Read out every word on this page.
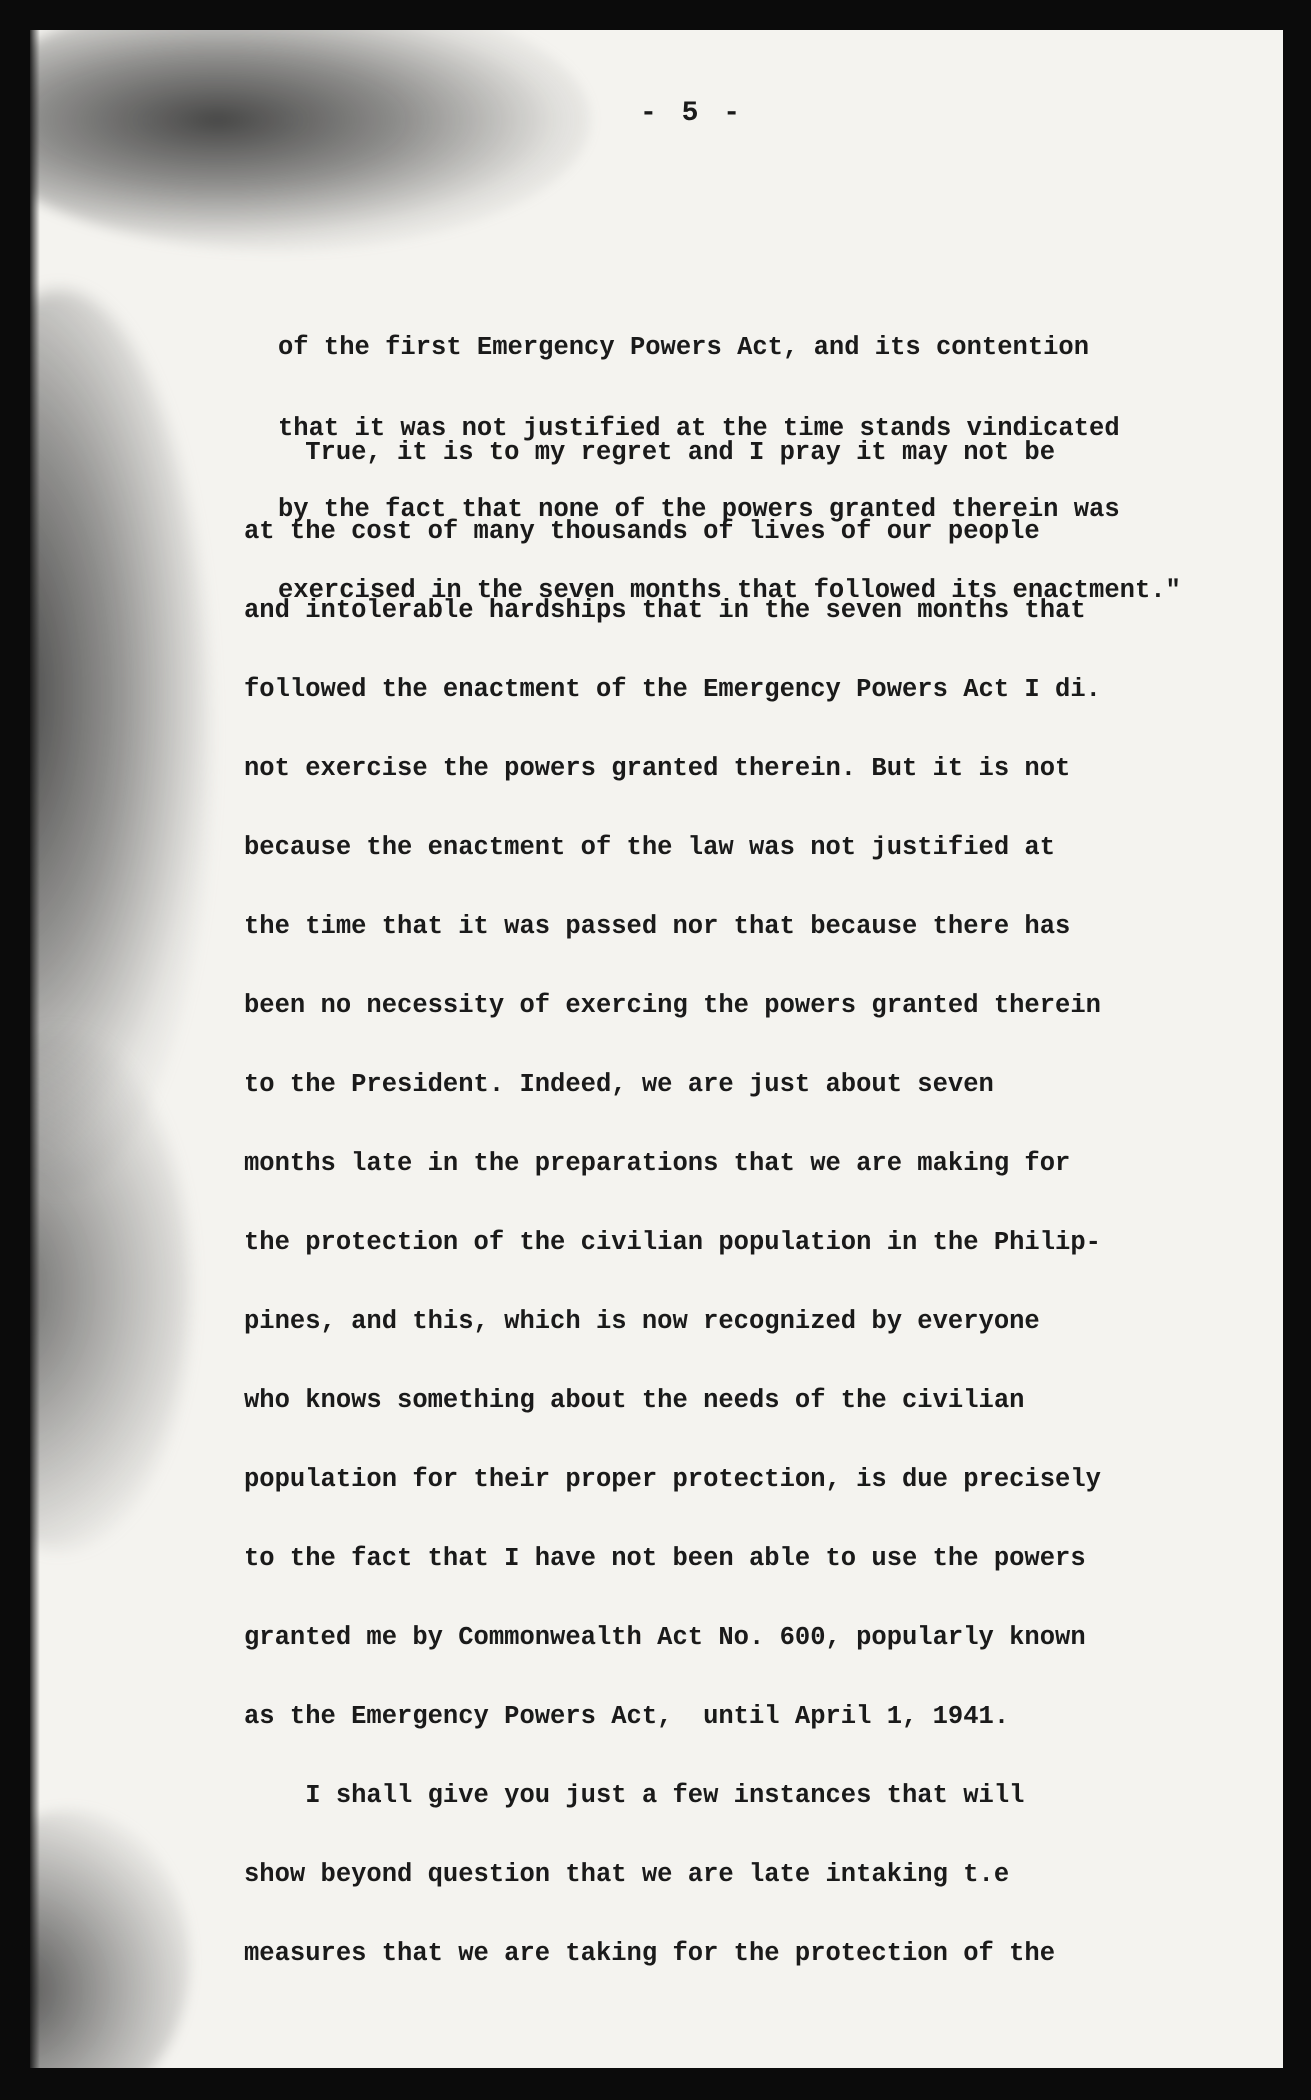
- 5 -

of the first Emergency Powers Act, and its contention

that it was not justified at the time stands vindicated

by the fact that none of the powers granted therein was

exercised in the seven months that followed its enactment."

True, it is to my regret and I pray it may not be

at the cost of many thousands of lives of our people

and intolerable hardships that in the seven months that

followed the enactment of the Emergency Powers Act I di.

not exercise the powers granted therein. But it is not

because the enactment of the law was not justified at

the time that it was passed nor that because there has

been no necessity of exercing the powers granted therein

to the President. Indeed, we are just about seven

months late in the preparations that we are making for

the protection of the civilian population in the Philip-

pines, and this, which is now recognized by everyone

who knows something about the needs of the civilian

population for their proper protection, is due precisely

to the fact that I have not been able to use the powers

granted me by Commonwealth Act No. 600, popularly known

as the Emergency Powers Act,  until April 1, 1941.

I shall give you just a few instances that will

show beyond question that we are late intaking t.e

measures that we are taking for the protection of the
